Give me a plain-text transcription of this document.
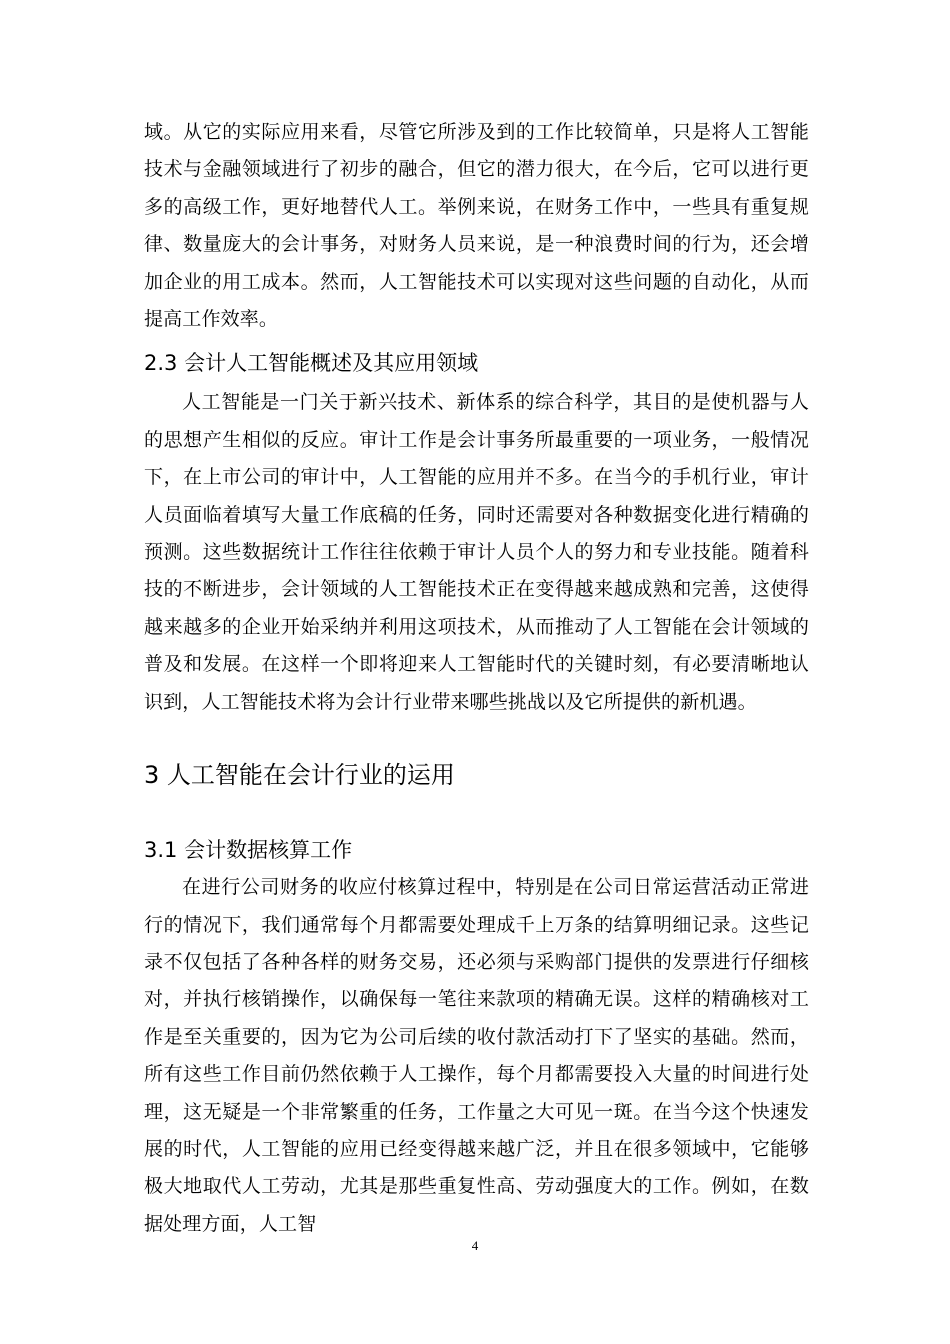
域。从它的实际应用来看，尽管它所涉及到的工作比较简单，只是将人工智能技术与金融领域进行了初步的融合，但它的潜力很大，在今后，它可以进行更多的高级工作，更好地替代人工。举例来说，在财务工作中，一些具有重复规律、数量庞大的会计事务，对财务人员来说，是一种浪费时间的行为，还会增加企业的用工成本。然而，人工智能技术可以实现对这些问题的自动化，从而提高工作效率。

2.3 会计人工智能概述及其应用领域

人工智能是一门关于新兴技术、新体系的综合科学，其目的是使机器与人的思想产生相似的反应。审计工作是会计事务所最重要的一项业务，一般情况下，在上市公司的审计中，人工智能的应用并不多。在当今的手机行业，审计人员面临着填写大量工作底稿的任务，同时还需要对各种数据变化进行精确的预测。这些数据统计工作往往依赖于审计人员个人的努力和专业技能。随着科技的不断进步，会计领域的人工智能技术正在变得越来越成熟和完善，这使得越来越多的企业开始采纳并利用这项技术，从而推动了人工智能在会计领域的普及和发展。在这样一个即将迎来人工智能时代的关键时刻，有必要清晰地认识到，人工智能技术将为会计行业带来哪些挑战以及它所提供的新机遇。

3 人工智能在会计行业的运用
3.1 会计数据核算工作

在进行公司财务的收应付核算过程中，特别是在公司日常运营活动正常进行的情况下，我们通常每个月都需要处理成千上万条的结算明细记录。这些记录不仅包括了各种各样的财务交易，还必须与采购部门提供的发票进行仔细核对，并执行核销操作，以确保每一笔往来款项的精确无误。这样的精确核对工作是至关重要的，因为它为公司后续的收付款活动打下了坚实的基础。然而，所有这些工作目前仍然依赖于人工操作，每个月都需要投入大量的时间进行处理，这无疑是一个非常繁重的任务，工作量之大可见一斑。在当今这个快速发展的时代，人工智能的应用已经变得越来越广泛，并且在很多领域中，它能够极大地取代人工劳动，尤其是那些重复性高、劳动强度大的工作。例如，在数据处理方面，人工智

4
